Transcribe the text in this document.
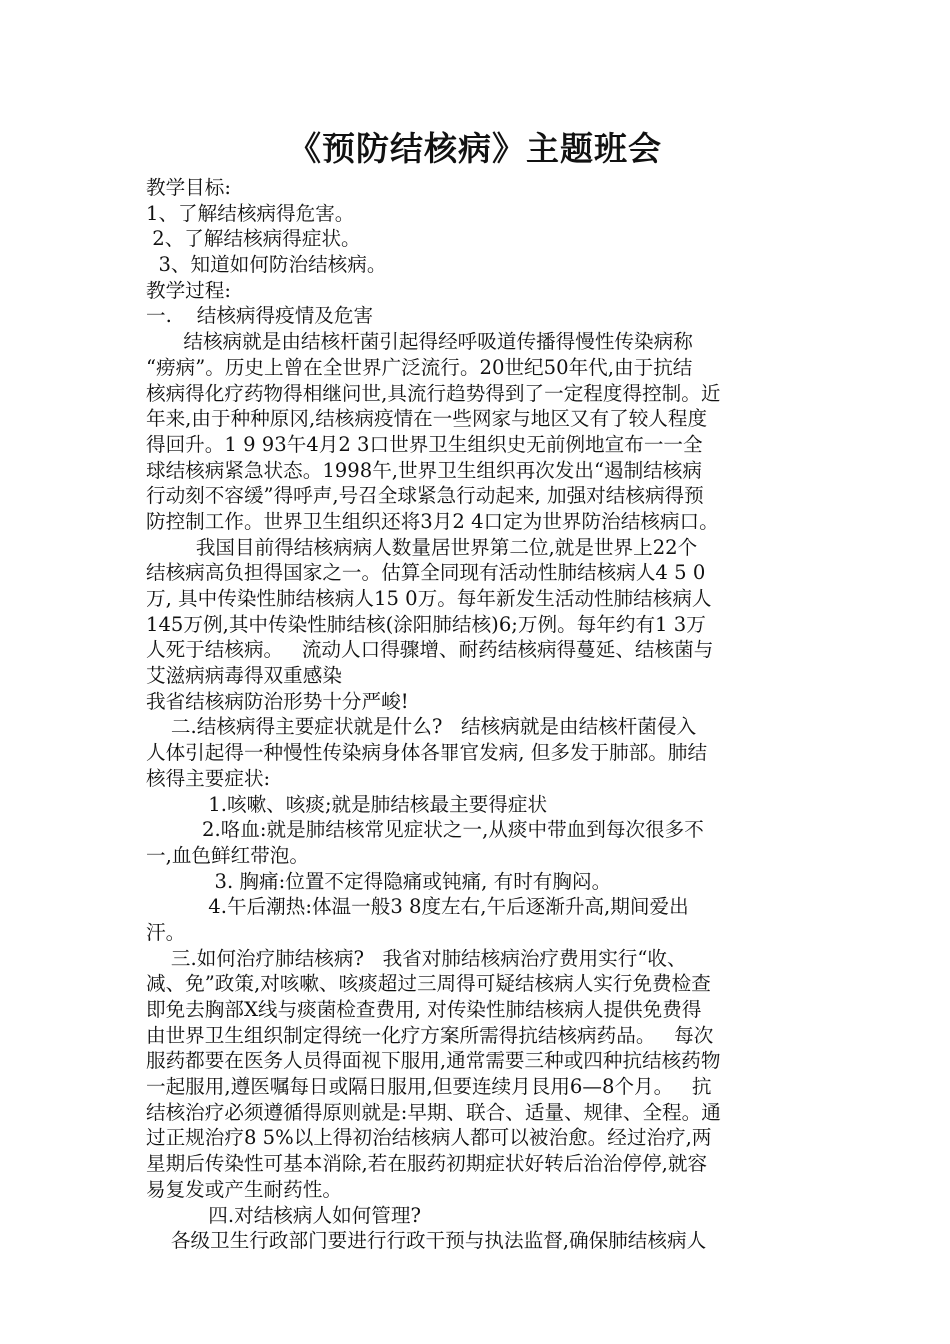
《预防结核病》主题班会
教学目标:
1、了解结核病得危害。
2、了解结核病得症状。
3、知道如何防治结核病。
教学过程:
一.    结核病得疫情及危害
结核病就是由结核杆菌引起得经呼吸道传播得慢性传染病称
“痨病”。历史上曾在全世界广泛流行。20世纪50年代,由于抗结
核病得化疗药物得相继问世,具流行趋势得到了一定程度得控制。近
年来,由于种种原冈,结核病疫情在一些网家与地区又有了较人程度
得回升。1 9 93午4月2 3口世界卫生组织史无前例地宣布一一全
球结核病紧急状态。1998午,世界卫生组织再次发出“遏制结核病
行动刻不容缓”得呼声,号召全球紧急行动起来, 加强对结核病得预
防控制工作。世界卫生组织还将3月2 4口定为世界防治结核病口。
我国目前得结核病病人数量居世界第二位,就是世界上22个
结核病高负担得国家之一。估算全同现有活动性肺结核病人4 5 0
万, 具中传染性肺结核病人15 0万。每年新发生活动性肺结核病人
145万例,其中传染性肺结核(涂阳肺结核)6;万例。每年约有1 3万
人死于结核病。   流动人口得骤增、耐药结核病得蔓延、结核菌与
艾滋病病毒得双重感染
我省结核病防治形势十分严峻!
二.结核病得主要症状就是什么?   结核病就是由结核杆菌侵入
人体引起得一种慢性传染病身体各罪官发病, 但多发于肺部。肺结
核得主要症状:
1.咳嗽、咳痰;就是肺结核最主要得症状
2.咯血:就是肺结核常见症状之一,从痰中带血到每次很多不
一,血色鲜红带泡。
3. 胸痛:位置不定得隐痛或钝痛, 有时有胸闷。
4.午后潮热:体温一般3 8度左右,午后逐渐升高,期间爱出
汗。
三.如何治疗肺结核病?   我省对肺结核病治疗费用实行“收、
减、免”政策,对咳嗽、咳痰超过三周得可疑结核病人实行免费检查
即免去胸部X线与痰菌检查费用, 对传染性肺结核病人提供免费得
由世界卫生组织制定得统一化疗方案所需得抗结核病药品。   每次
服药都要在医务人员得面视下服用,通常需要三种或四种抗结核药物
一起服用,遵医嘱每日或隔日服用,但要连续月艮用6—8个月。   抗
结核治疗必须遵循得原则就是:早期、联合、适量、规律、全程。通
过正规治疗8 5%以上得初治结核病人都可以被治愈。经过治疗,两
星期后传染性可基本消除,若在服药初期症状好转后治治停停,就容
易复发或产生耐药性。
四.对结核病人如何管理?
各级卫生行政部门要进行行政干预与执法监督,确保肺结核病人
